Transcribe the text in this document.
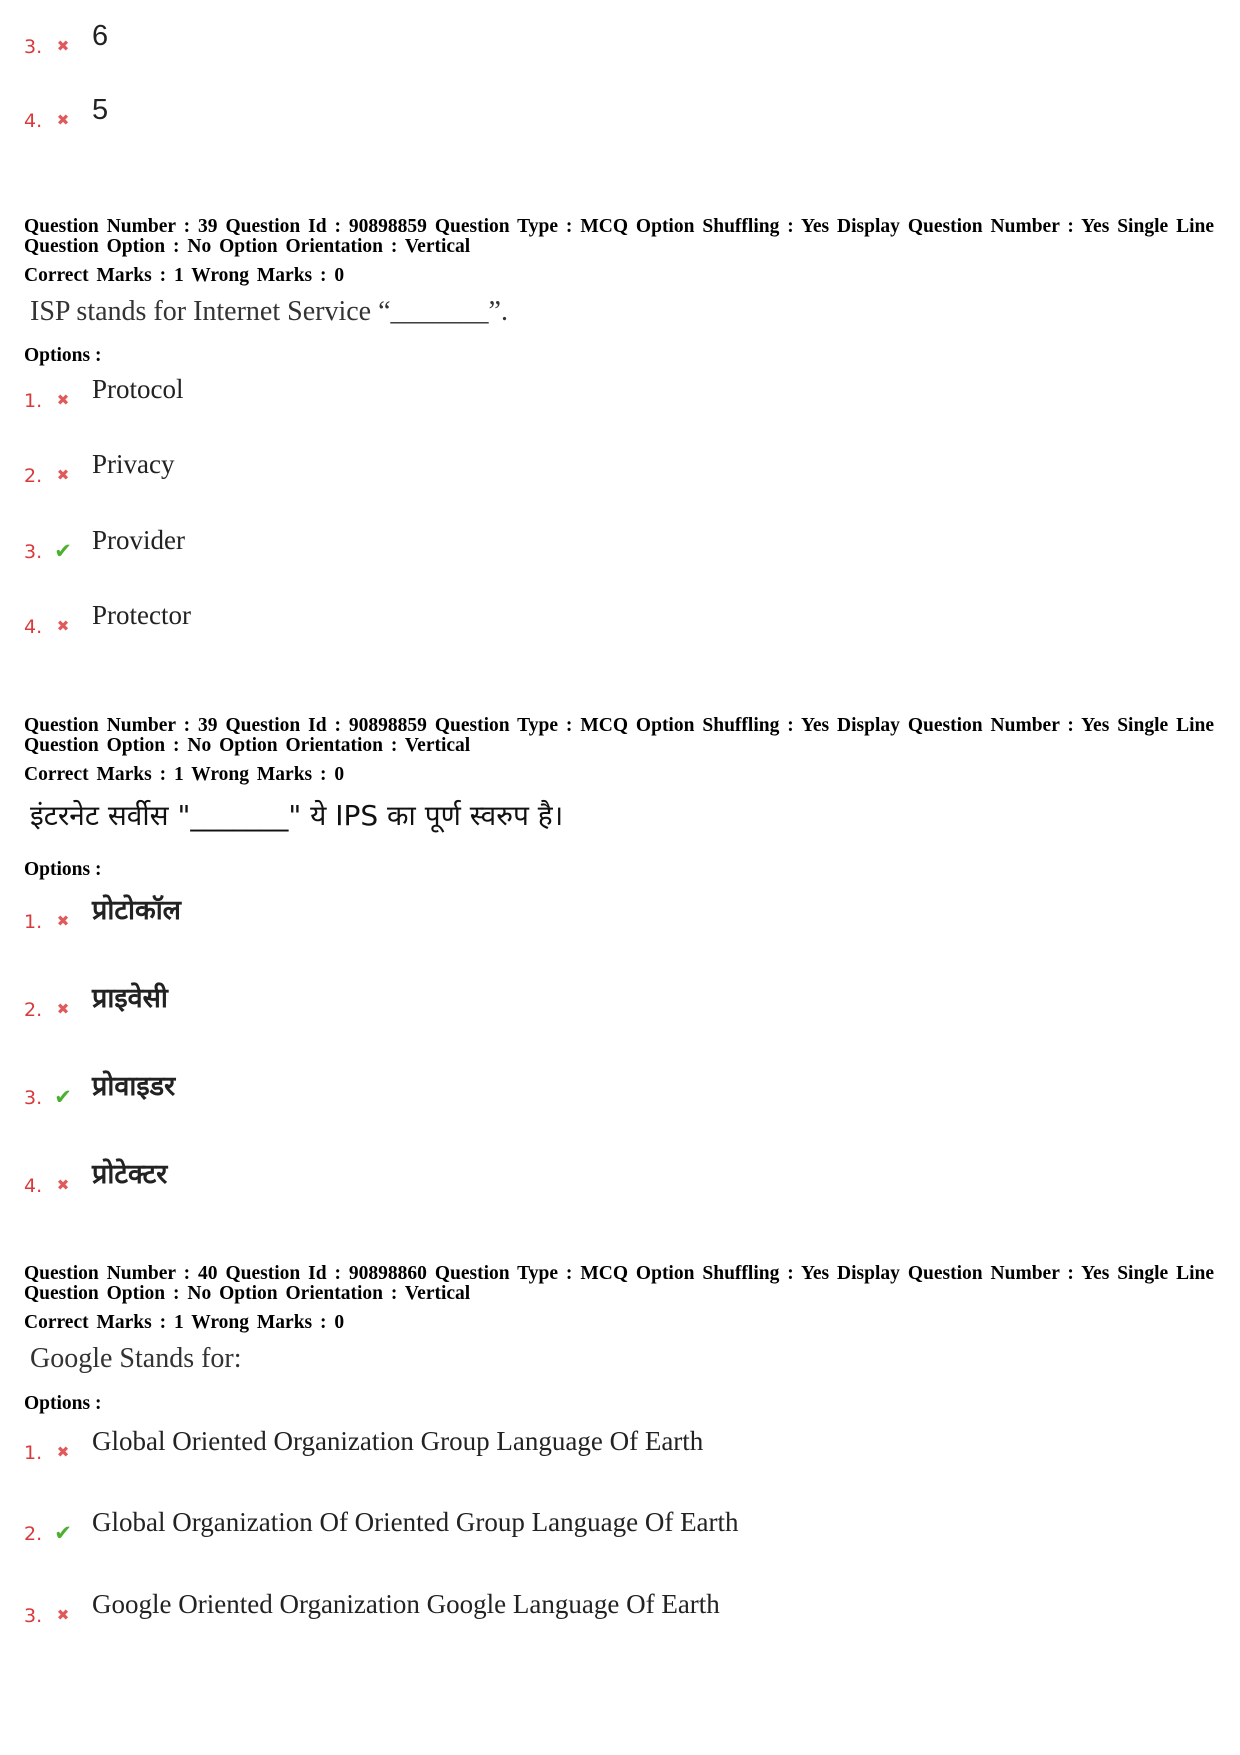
3. ✖ 6
4. ✖ 5
Question Number : 39 Question Id : 90898859 Question Type : MCQ Option Shuffling : Yes Display Question Number : Yes Single Line Question Option : No Option Orientation : Vertical
Correct Marks : 1 Wrong Marks : 0
ISP stands for Internet Service “_______”.
Options :
1. ✖ Protocol
2. ✖ Privacy
3. ✔ Provider
4. ✖ Protector
Question Number : 39 Question Id : 90898859 Question Type : MCQ Option Shuffling : Yes Display Question Number : Yes Single Line Question Option : No Option Orientation : Vertical
Correct Marks : 1 Wrong Marks : 0
इंटरनेट सर्वीस "_______" ये IPS का पूर्ण स्वरुप है।
Options :
1. ✖ प्रोटोकॉल
2. ✖ प्राइवेसी
3. ✔ प्रोवाइडर
4. ✖ प्रोटेक्टर
Question Number : 40 Question Id : 90898860 Question Type : MCQ Option Shuffling : Yes Display Question Number : Yes Single Line Question Option : No Option Orientation : Vertical
Correct Marks : 1 Wrong Marks : 0
Google Stands for:
Options :
1. ✖ Global Oriented Organization Group Language Of Earth
2. ✔ Global Organization Of Oriented Group Language Of Earth
3. ✖ Google Oriented Organization Google Language Of Earth
